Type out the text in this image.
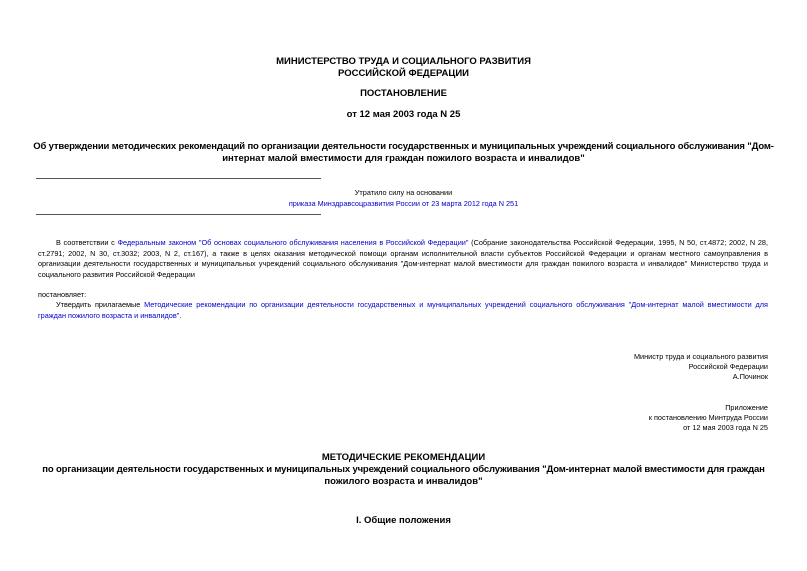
МИНИСТЕРСТВО ТРУДА И СОЦИАЛЬНОГО РАЗВИТИЯ
РОССИЙСКОЙ ФЕДЕРАЦИИ
ПОСТАНОВЛЕНИЕ
от 12 мая 2003 года N 25
Об утверждении методических рекомендаций по организации деятельности государственных и муниципальных учреждений социального обслуживания "Дом-
интернат малой вместимости для граждан пожилого возраста и инвалидов"
Утратило силу на основании
приказа Минздравсоцразвития России от 23 марта 2012 года N 251
В соответствии с Федеральным законом "Об основах социального обслуживания населения в Российской Федерации" (Собрание законодательства Российской Федерации, 1995, N 50, ст.4872; 2002, N 28, ст.2791; 2002, N 30, ст.3032; 2003, N 2, ст.167), а также в целях оказания методической помощи органам исполнительной власти субъектов Российской Федерации и органам местного самоуправления в организации деятельности государственных и муниципальных учреждений социального обслуживания "Дом-интернат малой вместимости для граждан пожилого возраста и инвалидов" Министерство труда и социального развития Российской Федерации
постановляет:
Утвердить прилагаемые Методические рекомендации по организации деятельности государственных и муниципальных учреждений социального обслуживания "Дом-интернат малой вместимости для граждан пожилого возраста и инвалидов".
Министр труда и социального развития
Российской Федерации
А.Починок
Приложение
к постановлению Минтруда России
от 12 мая 2003 года N 25
МЕТОДИЧЕСКИЕ РЕКОМЕНДАЦИИ
по организации деятельности государственных и муниципальных учреждений социального обслуживания "Дом-интернат малой вместимости для граждан
пожилого возраста и инвалидов"
I. Общие положения
